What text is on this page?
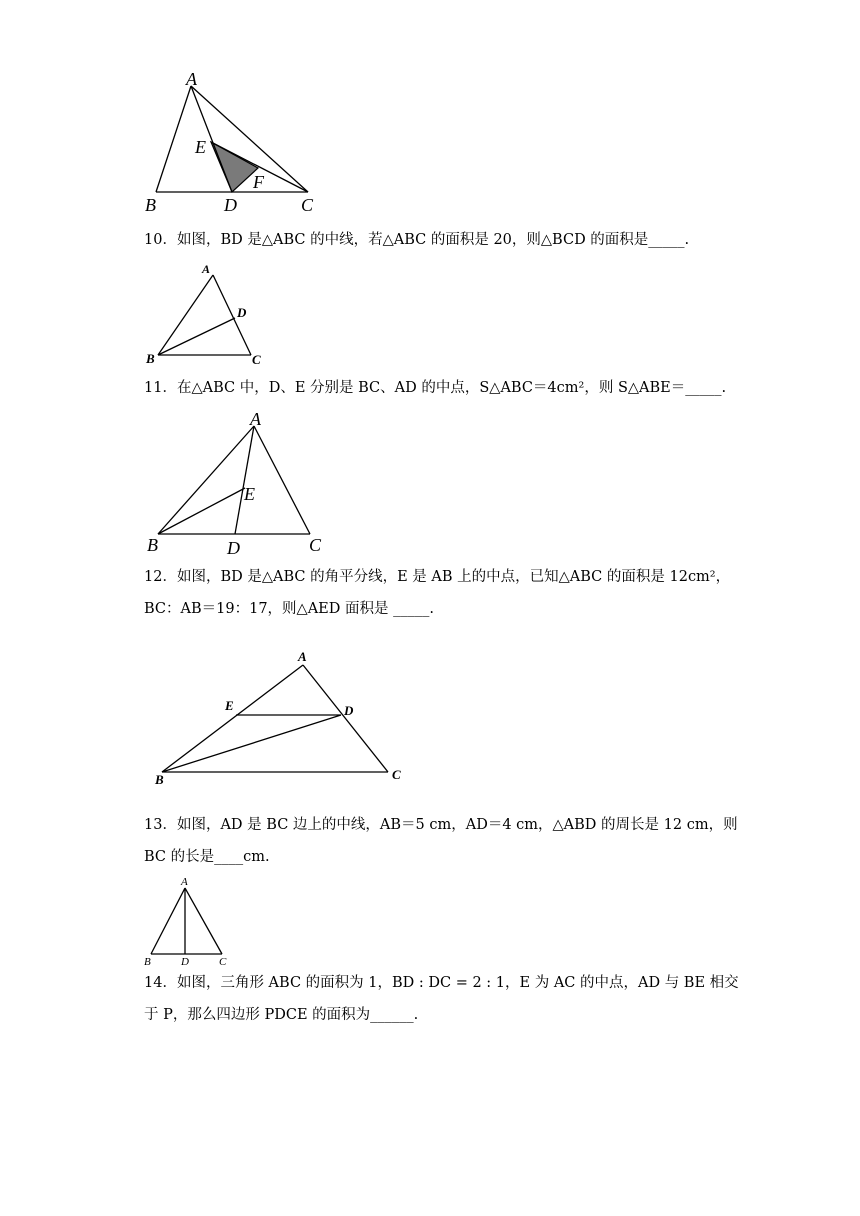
A
B	C
D
E
F
10．如图，BD 是△ABC 的中线，若△ABC 的面积是 20，则△BCD 的面积是_____.
A
B	C
D
11．在△ABC 中，D、E 分别是 BC、AD 的中点，S△ABC＝4cm²，则 S△ABE＝_____.
A
B	C
D
E
12．如图，BD 是△ABC 的角平分线，E 是 AB 上的中点，已知△ABC 的面积是 12cm²，
BC：AB＝19：17，则△AED 面积是 _____.
A
B	C
D
E
13．如图，AD 是 BC 边上的中线，AB＝5 cm，AD＝4 cm，△ABD 的周长是 12 cm，则
BC 的长是____cm.
A
B	C
D
14．如图，三角形 ABC 的面积为 1，BD : DC = 2 : 1，E 为 AC 的中点，AD 与 BE 相交
于 P，那么四边形 PDCE 的面积为______.
